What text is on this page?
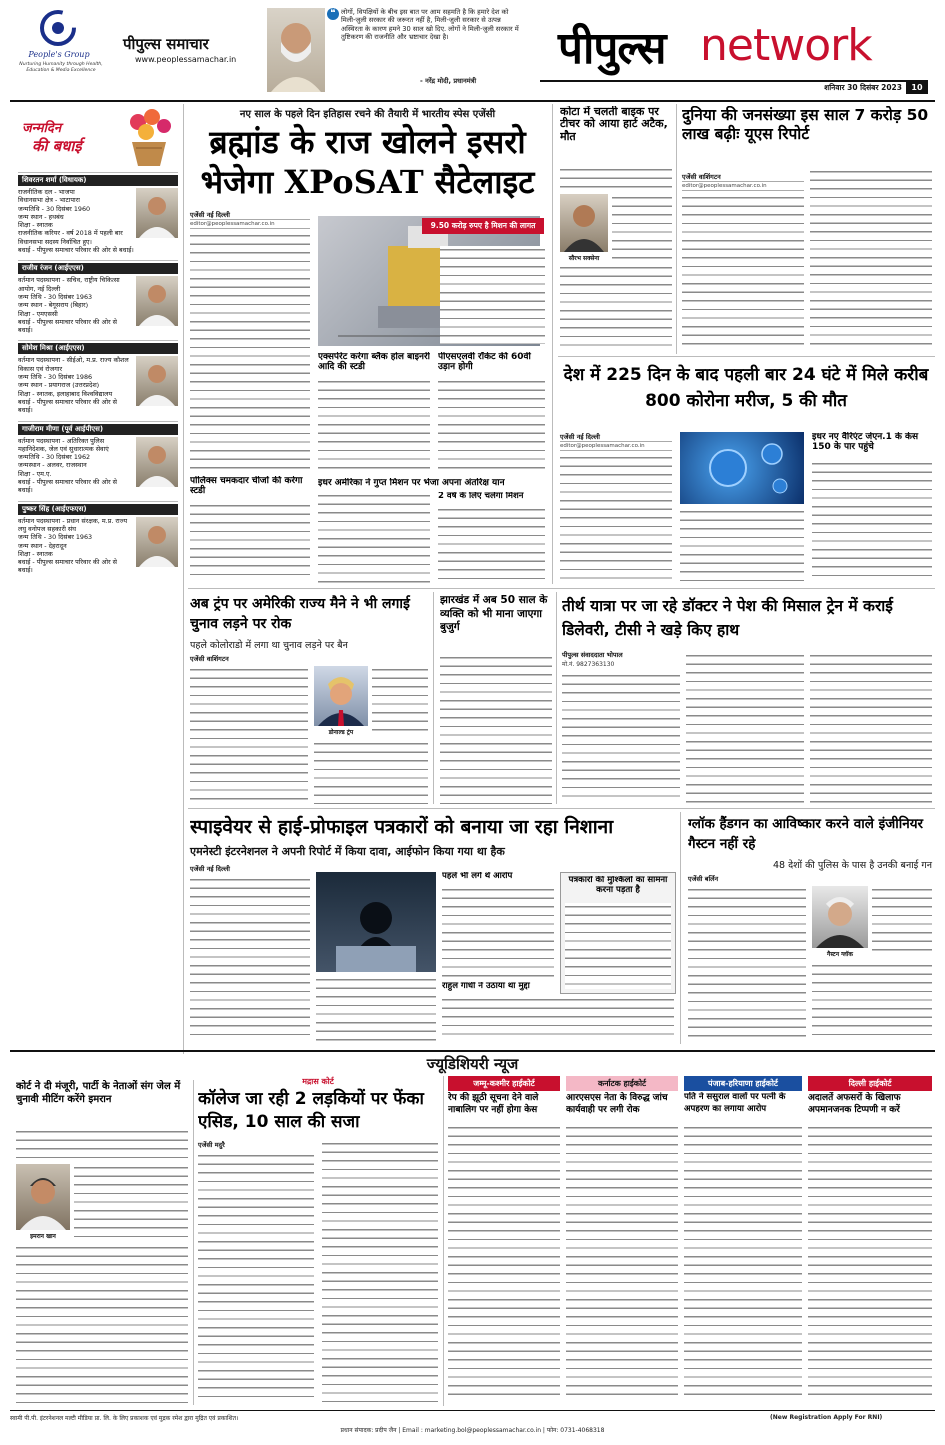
People's Group
Nurturing Humanity through Health, Education & Media Excellence
पीपुल्स समाचार
www.peoplessamachar.in
❝ लोगों, विपक्षियों के बीच इस बात पर आम सहमति है कि हमारे देश को मिली-जुली सरकार की जरूरत नहीं है, मिली-जुली सरकार से उत्पन्न अस्थिरता के कारण हमने 30 साल खो दिए. लोगों ने मिली-जुली सरकार में तुष्टिकरण की राजनीति और भ्रष्टाचार देखा है।
- नरेंद्र मोदी, प्रधानमंत्री
पीपुल्स network
शनिवार 30 दिसंबर 2023	10
जन्मदिन
की बधाई
शिवरतन शर्मा (विधायक)
राजनीतिक दल - भाजपा
विधानसभा क्षेत्र - भाटापारा
जन्मतिथि - 30 दिसंबर 1960
जन्म स्थान - हथबंध
शिक्षा - स्नातक
राजनीतिक करियर - वर्ष 2018 में पहली बार विधानसभा सदस्य निर्वाचित हुए।
बधाई - पीपुल्स समाचार परिवार की ओर से बधाई।
राजीव रंजन (आईएएस)
वर्तमान पदस्थापना - सचिव, राष्ट्रीय चिकित्सा आयोग, नई दिल्ली
जन्म तिथि - 30 दिसंबर 1963
जन्म स्थान - बेगूसराय (बिहार)
शिक्षा - एमएससी
बधाई - पीपुल्स समाचार परिवार की ओर से बधाई।
सोमेश मिश्रा (आईएएस)
वर्तमान पदस्थापना - सीईओ, म.प्र. राज्य कौशल विकास एवं रोजगार
जन्म तिथि - 30 दिसंबर 1986
जन्म स्थान - प्रयागराज (उत्तरप्रदेश)
शिक्षा - स्नातक, इलाहाबाद विश्वविद्यालय
बधाई - पीपुल्स समाचार परिवार की ओर से बधाई।
गाजीराम मीणा (पूर्व आईपीएस)
वर्तमान पदस्थापना - अतिरिक्त पुलिस महानिदेशक, जेल एवं सुधारात्मक सेवाएं
जन्मतिथि - 30 दिसंबर 1962
जन्मस्थान - अलवर, राजस्थान
शिक्षा - एम.ए.
बधाई - पीपुल्स समाचार परिवार की ओर से बधाई।
पुष्कर सिंह (आईएफएस)
वर्तमान पदस्थापना - प्रधान संरक्षक, म.प्र. राज्य लघु वनोपज सहकारी संघ
जन्म तिथि - 30 दिसंबर 1963
जन्म स्थान - देहरादून
शिक्षा - स्नातक
बधाई - पीपुल्स समाचार परिवार की ओर से बधाई।
नए साल के पहले दिन इतिहास रचने की तैयारी में भारतीय स्पेस एजेंसी
ब्रह्मांड के राज खोलने इसरो भेजेगा XPoSAT सैटेलाइट
एजेंसी नई दिल्ली
editor@peoplessamachar.co.in	9.50 करोड़ रुपए है मिशन की लागत
एक्सपेरेट करेगा ब्लैक होल बाइनरी आदि की स्टडी
पीएसएलवी रॉकेट की 60वीं उड़ान होगी
पोलिक्स चमकदार चीजों की करेगा स्टडी
इधर अमेरिका ने गुप्त मिशन पर भेजा अपना अंतरिक्ष यान
2 वर्ष के लिए चलेगा मिशन
कोटा में चलती बाइक पर टीचर को आया हार्ट अटैक, मौत
सौरभ सक्सेना
दुनिया की जनसंख्या इस साल 7 करोड़ 50 लाख बढ़ीः यूएस रिपोर्ट
एजेंसी वाशिंगटन
editor@peoplessamachar.co.in
देश में 225 दिन के बाद पहली बार 24 घंटे में मिले करीब 800 कोरोना मरीज, 5 की मौत
एजेंसी नई दिल्ली
editor@peoplessamachar.co.in
इधर नए वैरिएंट जेएन.1 के केस 150 के पार पहुंचे
अब ट्रंप पर अमेरिकी राज्य मैने ने भी लगाई चुनाव लड़ने पर रोक
पहले कोलोराडो में लगा था चुनाव लड़ने पर बैन
एजेंसी वाशिंगटन
डोनाल्ड ट्रंप
झारखंड में अब 50 साल के व्यक्ति को भी माना जाएगा बुजुर्ग
तीर्थ यात्रा पर जा रहे डॉक्टर ने पेश की मिसाल ट्रेन में कराई डिलेवरी, टीसी ने खड़े किए हाथ
पीपुल्स संवाददाता भोपाल
मो.नं. 9827363130
स्पाइवेयर से हाई-प्रोफाइल पत्रकारों को बनाया जा रहा निशाना
एमनेस्टी इंटरनेशनल ने अपनी रिपोर्ट में किया दावा, आईफोन किया गया था हैक
एजेंसी नई दिल्ली
पहले भी लगे थे आरोप
राहुल गांधी ने उठाया था मुद्दा
पत्रकारों की मुश्किलों का सामना करना पड़ता है
ग्लॉक हैंडगन का आविष्कार करने वाले इंजीनियर गैस्टन नहीं रहे
48 देशों की पुलिस के पास है उनकी बनाई गन
एजेंसी बर्लिन
गैस्टन ग्लॉक
ज्यूडिशियरी न्यूज
कोर्ट ने दी मंजूरी, पार्टी के नेताओं संग जेल में चुनावी मीटिंग करेंगे इमरान
इमरान खान
मद्रास कोर्ट
कॉलेज जा रही 2 लड़कियों पर फेंका एसिड, 10 साल की सजा
एजेंसी मदुरै
जम्मू-कश्मीर हाईकोर्ट
रेप की झूठी सूचना देने वाले नाबालिग पर नहीं होगा केस
कर्नाटक हाईकोर्ट
आरएसएस नेता के विरुद्ध जांच कार्यवाही पर लगी रोक
पंजाब-हरियाणा हाईकोर्ट
पति ने ससुराल वालों पर पत्नी के अपहरण का लगाया आरोप
दिल्ली हाईकोर्ट
अदालतें अफसरों के खिलाफ अपमानजनक टिप्पणी न करें
स्वामी पी.पी. इंटरनेशनल मल्टी मीडिया प्रा. लि. के लिए प्रकाशक एवं मुद्रक रमेश द्वारा मुद्रित एवं प्रकाशित।	(New Registration Apply For RNI)
प्रधान संपादक: प्रदीप जैन | Email : marketing.bol@peoplessamachar.co.in | फोन: 0731-4068318
